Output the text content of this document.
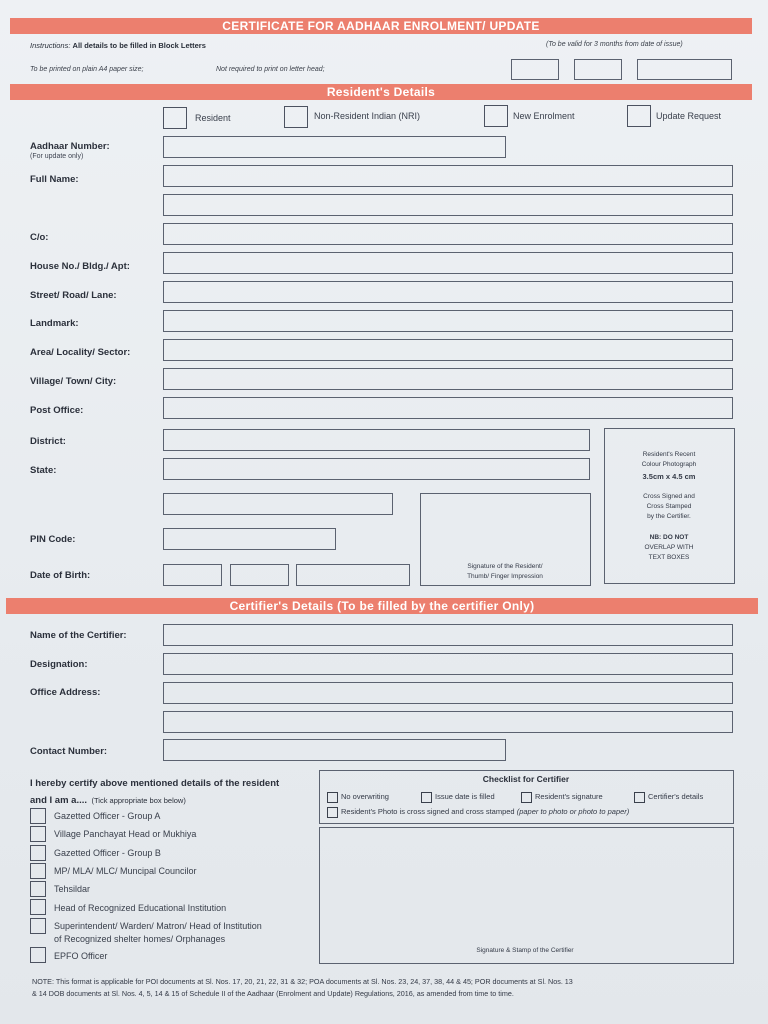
CERTIFICATE FOR AADHAAR ENROLMENT/ UPDATE
Instructions: All details to be filled in Block Letters	(To be valid for 3 months from date of issue)
To be printed on plain A4 paper size;	Not required to print on letter head;
Resident's Details
Resident	Non-Resident Indian (NRI)	New Enrolment	Update Request
Aadhaar Number:
(For update only)
Full Name:
C/o:
House No./ Bldg./ Apt:
Street/ Road/ Lane:
Landmark:
Area/ Locality/ Sector:
Village/ Town/ City:
Post Office:
District:
State:
PIN Code:
Date of Birth:
Signature of the Resident/
Thumb/ Finger Impression
Resident's Recent
Colour Photograph
3.5cm x 4.5 cm
Cross Signed and
Cross Stamped
by the Certifier.
NB: DO NOT
OVERLAP WITH
TEXT BOXES
Certifier's Details (To be filled by the certifier Only)
Name of the Certifier:
Designation:
Office Address:
Contact Number:
I hereby certify above mentioned details of the resident
and I am a.... (Tick appropriate box below)
Gazetted Officer - Group A
Village Panchayat Head or Mukhiya
Gazetted Officer - Group B
MP/ MLA/ MLC/ Muncipal Councilor
Tehsildar
Head of Recognized Educational Institution
Superintendent/ Warden/ Matron/ Head of Institution
of Recognized shelter homes/ Orphanages
EPFO Officer
Checklist for Certifier
No overwriting	Issue date is filled	Resident's signature	Certifier's details
Resident's Photo is cross signed and cross stamped (paper to photo or photo to paper)
Signature & Stamp of the Certifier
NOTE: This format is applicable for POI documents at Sl. Nos. 17, 20, 21, 22, 31 & 32; POA documents at Sl. Nos. 23, 24, 37, 38, 44 & 45; POR documents at Sl. Nos. 13
& 14 DOB documents at Sl. Nos. 4, 5, 14 & 15 of Schedule II of the Aadhaar (Enrolment and Update) Regulations, 2016, as amended from time to time.
